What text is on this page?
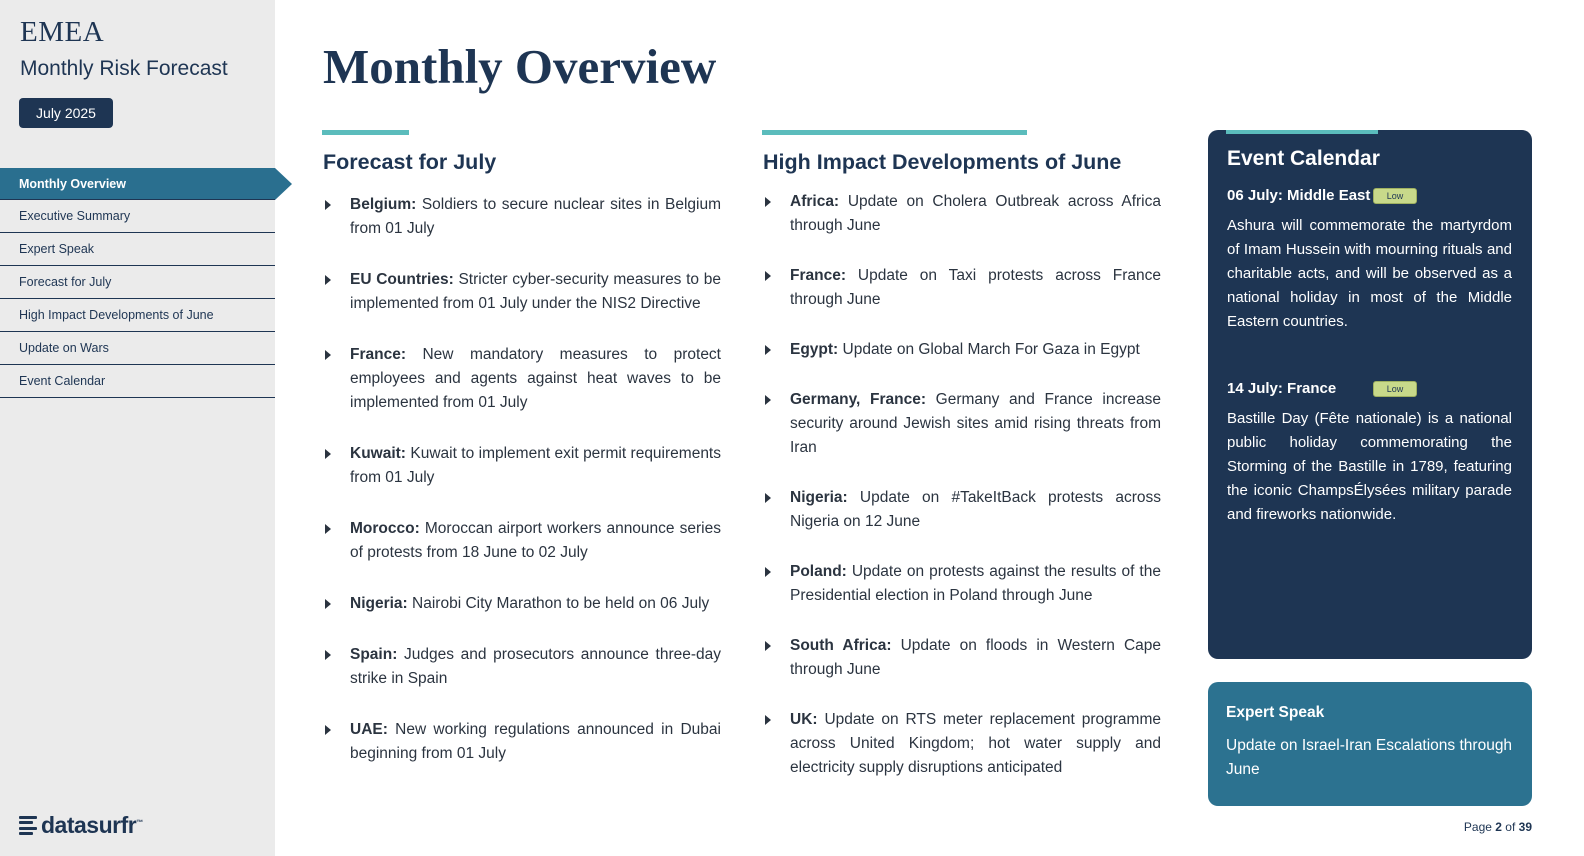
EMEA
Monthly Risk Forecast
July 2025
Monthly Overview
Executive Summary
Expert Speak
Forecast for July
High Impact Developments of June
Update on Wars
Event Calendar
datasurfr™
Monthly Overview
Forecast for July
Belgium: Soldiers to secure nuclear sites in Belgium from 01 July
EU Countries: Stricter cyber-security measures to be implemented from 01 July under the NIS2 Directive
France: New mandatory measures to protect employees and agents against heat waves to be implemented from 01 July
Kuwait: Kuwait to implement exit permit requirements from 01 July
Morocco: Moroccan airport workers announce series of protests from 18 June to 02 July
Nigeria: Nairobi City Marathon to be held on 06 July
Spain: Judges and prosecutors announce three-day strike in Spain
UAE: New working regulations announced in Dubai beginning from 01 July
High Impact Developments of June
Africa: Update on Cholera Outbreak across Africa through June
France: Update on Taxi protests across France through June
Egypt: Update on Global March For Gaza in Egypt
Germany, France: Germany and France increase security around Jewish sites amid rising threats from Iran
Nigeria: Update on #TakeItBack protests across Nigeria on 12 June
Poland: Update on protests against the results of the Presidential election in Poland through June
South Africa: Update on floods in Western Cape through June
UK: Update on RTS meter replacement programme across United Kingdom; hot water supply and electricity supply disruptions anticipated
Event Calendar
06 July: Middle East	Low

Ashura will commemorate the martyrdom of Imam Hussein with mourning rituals and charitable acts, and will be observed as a national holiday in most of the Middle Eastern countries.

14 July: France	Low

Bastille Day (Fête nationale) is a national public holiday commemorating the Storming of the Bastille in 1789, featuring the iconic ChampsÉlysées military parade and fireworks nationwide.

Expert Speak
Update on Israel-Iran Escalations through June
Page 2 of 39
